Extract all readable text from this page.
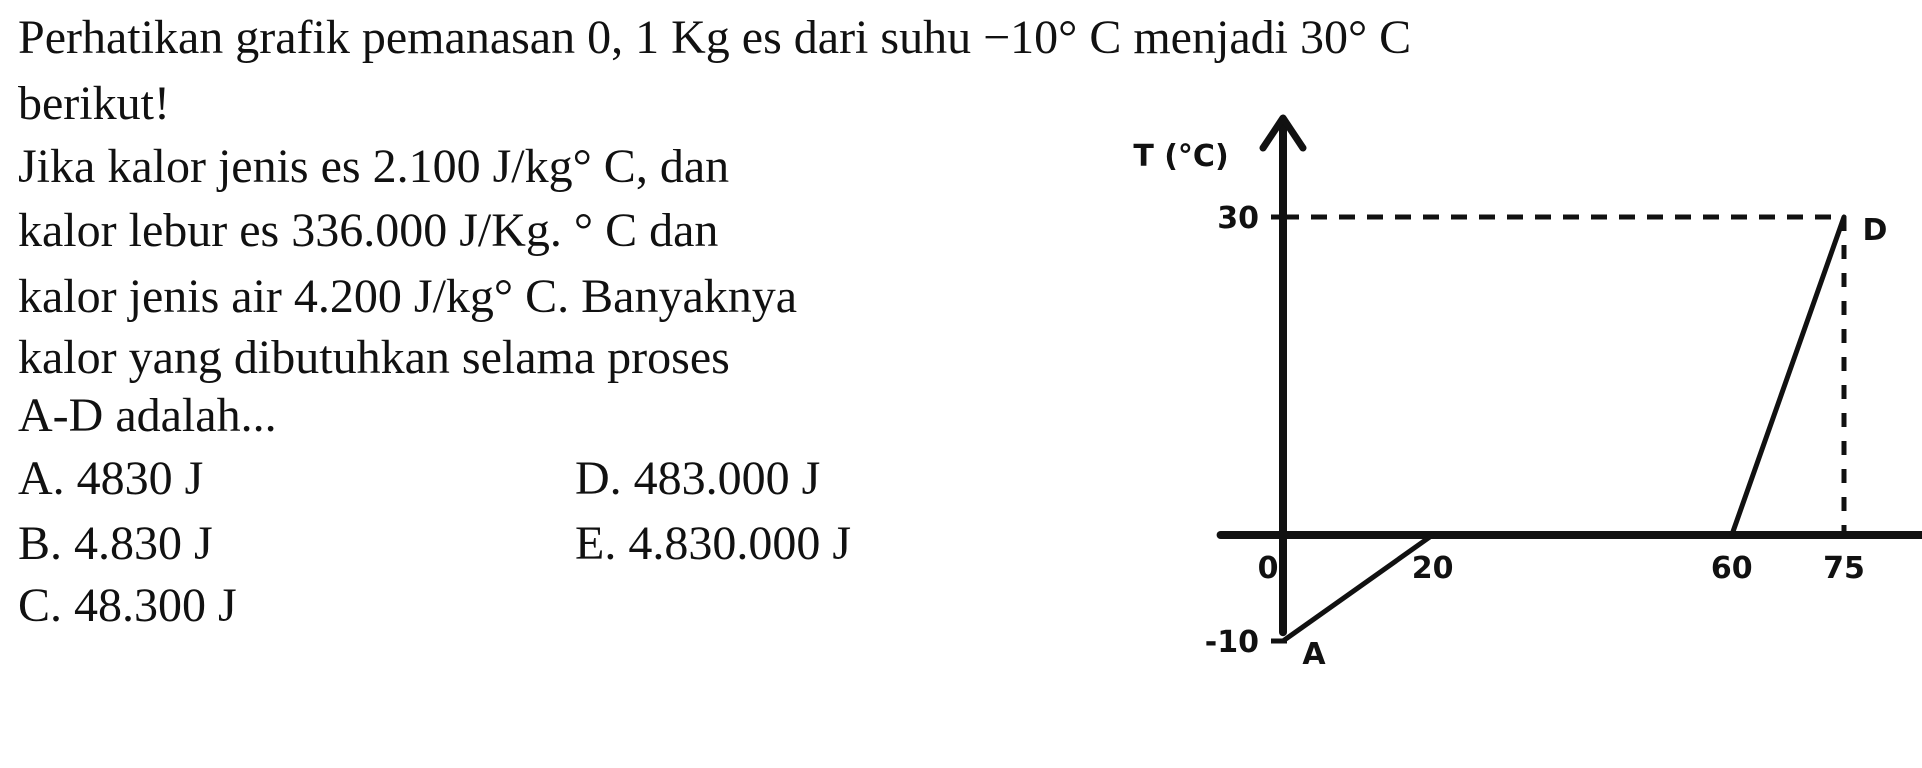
Perhatikan grafik pemanasan 0, 1 Kg es dari suhu −10° C menjadi 30° C
berikut!
Jika kalor jenis es 2.100 J/kg° C, dan
kalor lebur es 336.000 J/Kg. ° C dan
kalor jenis air 4.200 J/kg° C. Banyaknya
kalor yang dibutuhkan selama proses
A-D adalah...
A. 4830 J
B. 4.830 J
C. 48.300 J
D. 483.000 J
E. 4.830.000 J
T (°C)
30
-10
0	20	60 75
A
D
